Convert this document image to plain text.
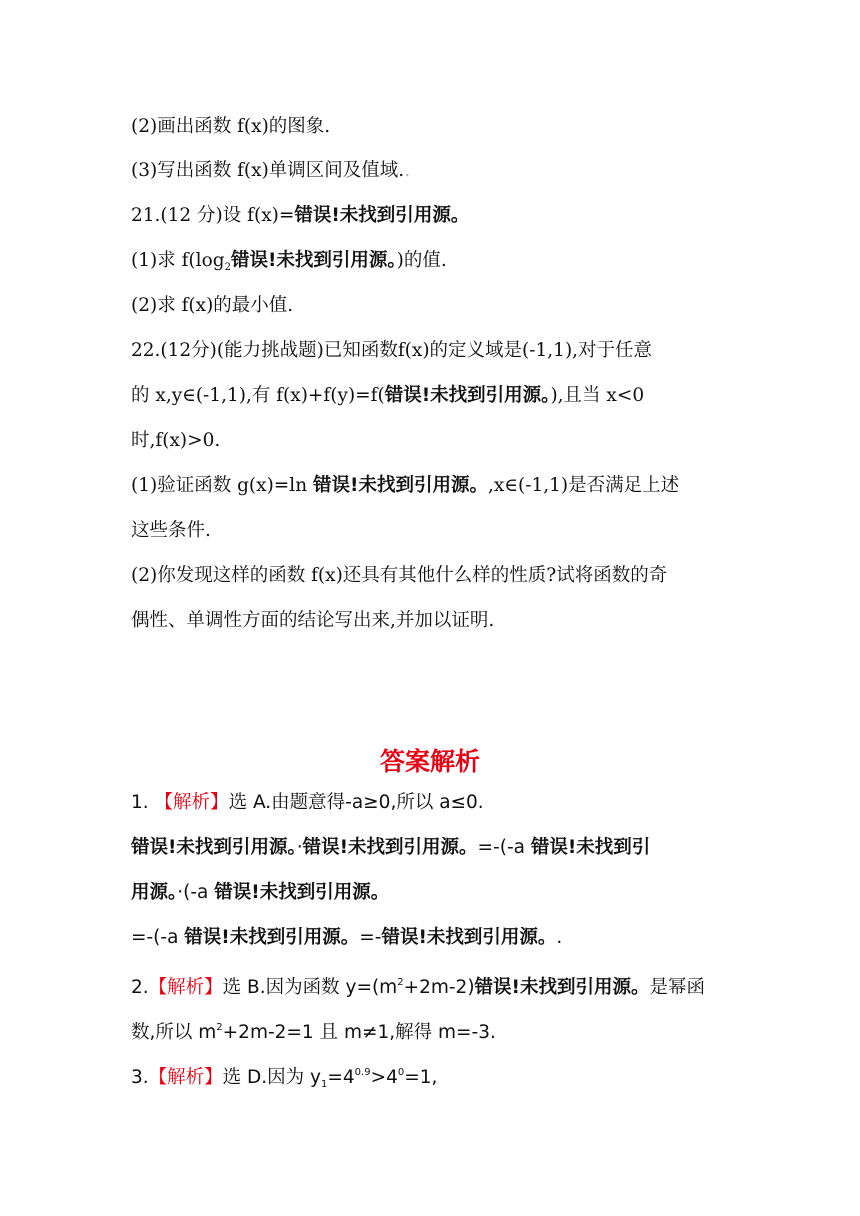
(2)画出函数 f(x)的图象.
(3)写出函数 f(x)单调区间及值域..
21.(12 分)设 f(x)=错误!未找到引用源。
(1)求 $f(\log_2$错误!未找到引用源。)的值.
(2)求 f(x)的最小值.
22.(12分)(能力挑战题)已知函数f(x)的定义域是(-1,1),对于任意
的 x,y∈(-1,1),有 f(x)+f(y)=f(错误!未找到引用源。),且当 x<0
时,f(x)>0.
(1)验证函数 g(x)=ln 错误!未找到引用源。,x∈(-1,1)是否满足上述
这些条件.
(2)你发现这样的函数 f(x)还具有其他什么样的性质?试将函数的奇
偶性、单调性方面的结论写出来,并加以证明.
答案解析
1. 【解析】选 A.由题意得-a≥0,所以 a≤0.
错误!未找到引用源。·错误!未找到引用源。=-(-a 错误!未找到引
用源。·(-a 错误!未找到引用源。
=-(-a 错误!未找到引用源。=-错误!未找到引用源。.
2.【解析】选 B.因为函数 $y=(m^2+2m-2)$错误!未找到引用源。是幂函
数,所以 $m^2+2m-2=1$ 且 m≠1,解得 m=-3.
3.【解析】选 D.因为 $y_1=4^{0.9}>4^0=1$,
